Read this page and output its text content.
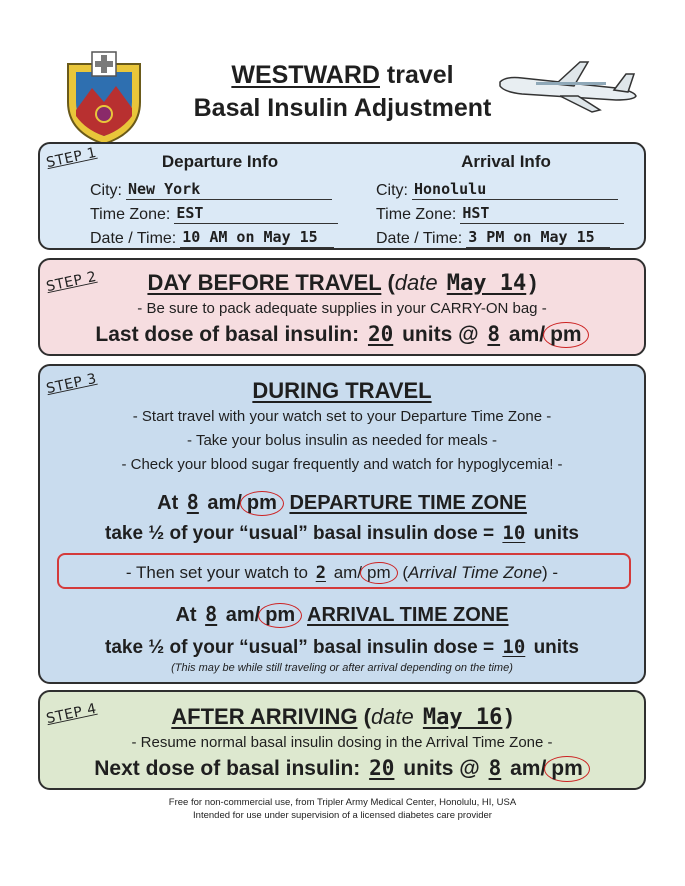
WESTWARD travel
Basal Insulin Adjustment
STEP 1	Departure Info
City: New York
Time Zone: EST
Date / Time: 10 AM on May 15
Arrival Info
City: Honolulu
Time Zone: HST
Date / Time: 3 PM on May 15
STEP 2	DAY BEFORE TRAVEL (date May 14 )
- Be sure to pack adequate supplies in your CARRY-ON bag -
Last dose of basal insulin: 20 units @ 8 am/ pm
STEP 3	DURING TRAVEL
- Start travel with your watch set to your Departure Time Zone -
- Take your bolus insulin as needed for meals -
- Check your blood sugar frequently and watch for hypoglycemia! -
At 8 am/ pm DEPARTURE TIME ZONE
take ½ of your “usual” basal insulin dose = 10 units
- Then set your watch to 2 am/ pm (Arrival Time Zone) -
At 8 am/ pm ARRIVAL TIME ZONE
take ½ of your “usual” basal insulin dose = 10 units
(This may be while still traveling or after arrival depending on the time)
STEP 4	AFTER ARRIVING (date May 16 )
- Resume normal basal insulin dosing in the Arrival Time Zone -
Next dose of basal insulin: 20 units @ 8 am/ pm
Free for non-commercial use, from Tripler Army Medical Center, Honolulu, HI, USA
Intended for use under supervision of a licensed diabetes care provider
